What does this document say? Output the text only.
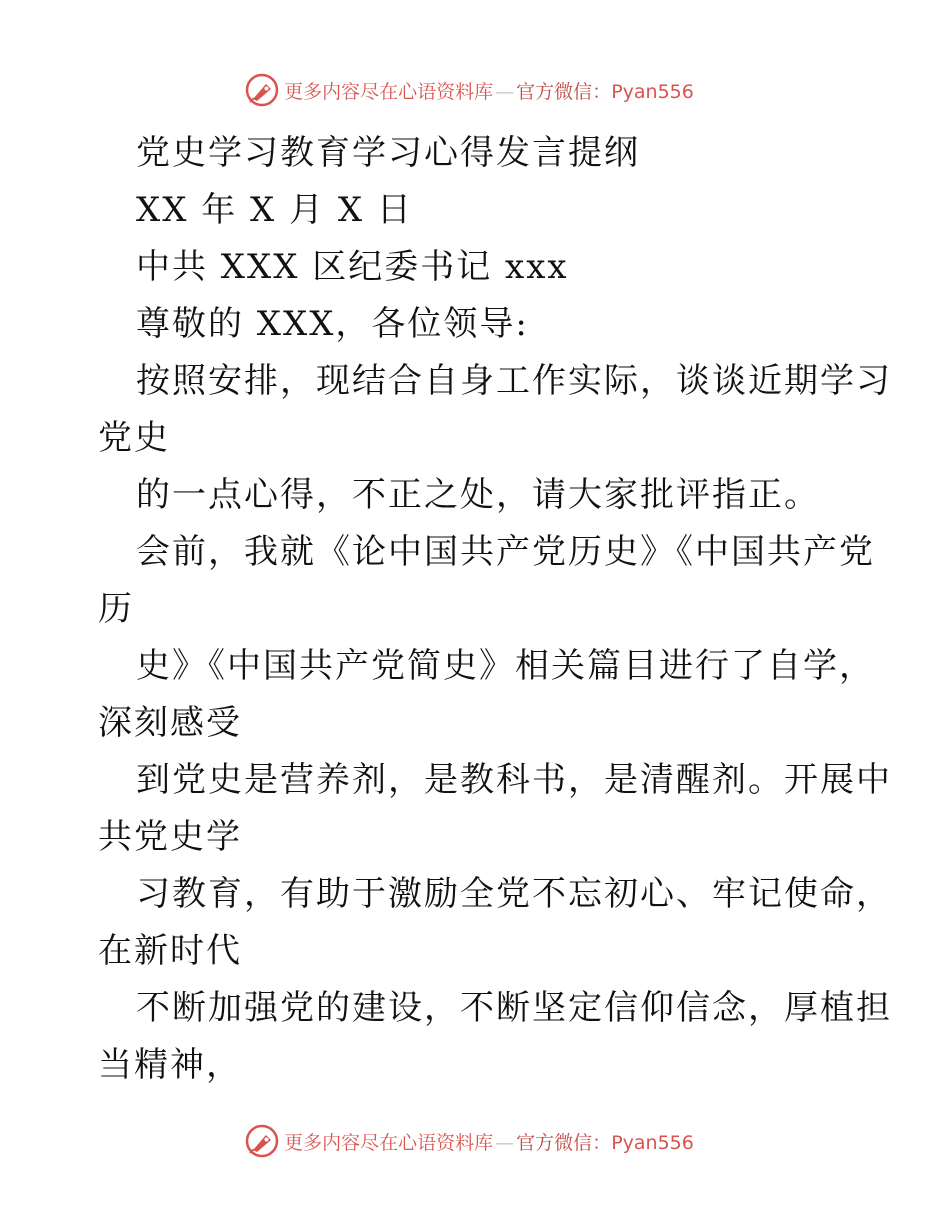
更多内容尽在心语资料库 — 官方微信：Pyan556
党史学习教育学习心得发言提纲
XX 年 X 月 X 日
中共 XXX 区纪委书记 xxx
尊敬的 XXX，各位领导:
按照安排，现结合自身工作实际，谈谈近期学习
党史
的一点心得，不正之处，请大家批评指正。
会前，我就《论中国共产党历史》《中国共产党
历
史》《中国共产党简史》相关篇目进行了自学，
深刻感受
到党史是营养剂，是教科书，是清醒剂。开展中
共党史学
习教育，有助于激励全党不忘初心、牢记使命，
在新时代
不断加强党的建设，不断坚定信仰信念，厚植担
当精神，
更多内容尽在心语资料库 — 官方微信：Pyan556
